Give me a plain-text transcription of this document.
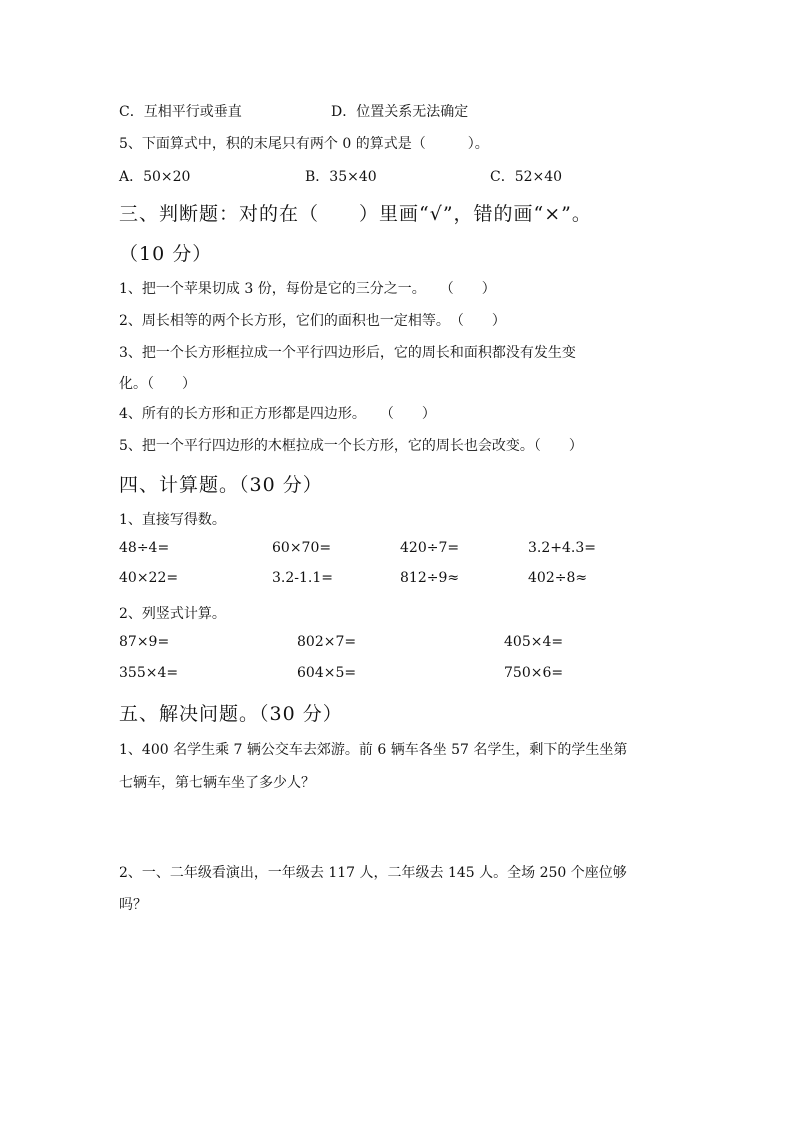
C．互相平行或垂直	D．位置关系无法确定
5、下面算式中，积的末尾只有两个 0 的算式是（　　　）。
A．50×20	B．35×40	C．52×40
三、判断题：对的在（　　）里画“√”，错的画“×”。
（10 分）
1、把一个苹果切成 3 份，每份是它的三分之一。　　（　　）
2、周长相等的两个长方形，它们的面积也一定相等。　（　　）
3、把一个长方形框拉成一个平行四边形后，它的周长和面积都没有发生变
化。（　　）
4、所有的长方形和正方形都是四边形。　　（　　）
5、把一个平行四边形的木框拉成一个长方形，它的周长也会改变。（　　）
四、计算题。（30 分）
1、直接写得数。
48÷4=	60×70=	420÷7=	3.2+4.3=
40×22=	3.2-1.1=	812÷9≈	402÷8≈
2、列竖式计算。
87×9=	802×7=	405×4=
355×4=	604×5=	750×6=
五、解决问题。（30 分）
1、400 名学生乘 7 辆公交车去郊游。前 6 辆车各坐 57 名学生，剩下的学生坐第
七辆车，第七辆车坐了多少人？
2、一、二年级看演出，一年级去 117 人，二年级去 145 人。全场 250 个座位够
吗？
